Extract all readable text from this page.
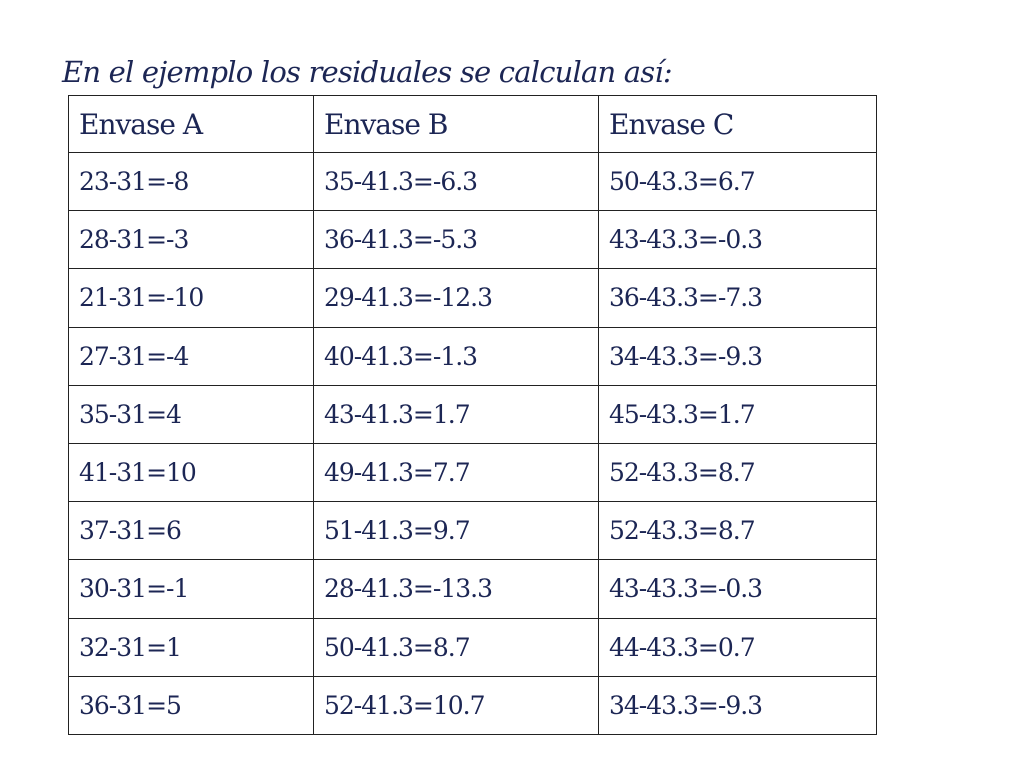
En el ejemplo los residuales se calculan así:
Envase A	Envase B	Envase C
23-31=-8	35-41.3=-6.3	50-43.3=6.7
28-31=-3	36-41.3=-5.3	43-43.3=-0.3
21-31=-10	29-41.3=-12.3	36-43.3=-7.3
27-31=-4	40-41.3=-1.3	34-43.3=-9.3
35-31=4	43-41.3=1.7	45-43.3=1.7
41-31=10	49-41.3=7.7	52-43.3=8.7
37-31=6	51-41.3=9.7	52-43.3=8.7
30-31=-1	28-41.3=-13.3	43-43.3=-0.3
32-31=1	50-41.3=8.7	44-43.3=0.7
36-31=5	52-41.3=10.7	34-43.3=-9.3
